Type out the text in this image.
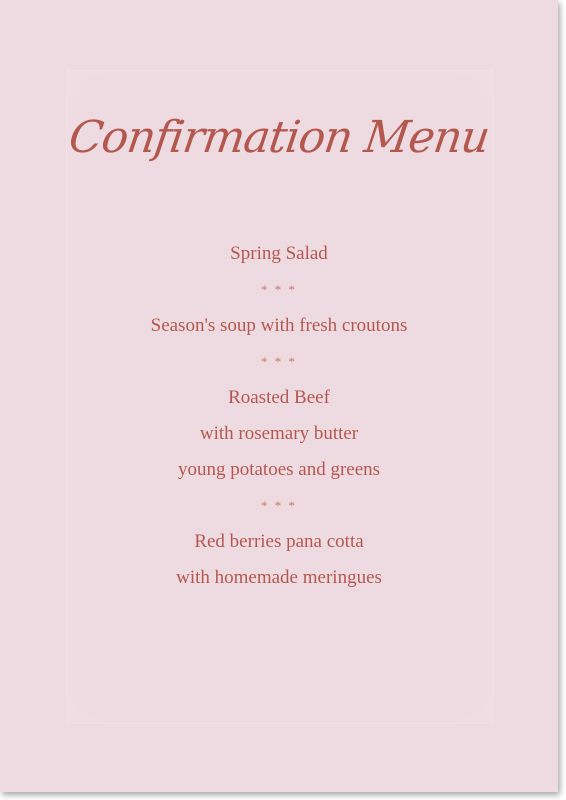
Confirmation Menu
Spring Salad
* * *
Season's soup with fresh croutons
* * *
Roasted Beef
with rosemary butter
young potatoes and greens
* * *
Red berries pana cotta
with homemade meringues
